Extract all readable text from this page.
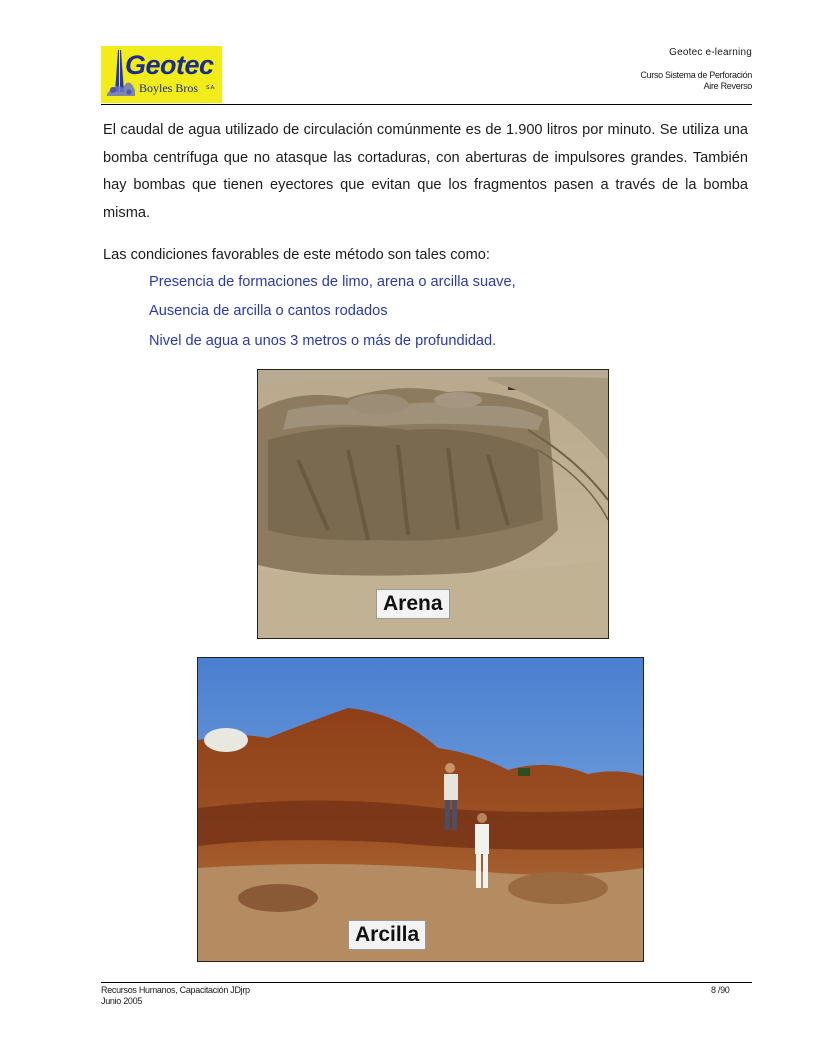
Geotec
Boyles Bros S.A.
Geotec e-learning
Curso Sistema de Perforación
Aire Reverso
El caudal de agua utilizado de circulación comúnmente es de 1.900 litros por minuto. Se utiliza una bomba centrífuga que no atasque las cortaduras, con aberturas de impulsores grandes. También hay bombas que tienen eyectores que evitan que los fragmentos pasen a través de la bomba misma.
Las condiciones favorables de este método son tales como:
Presencia de formaciones de limo, arena o arcilla suave,
Ausencia de arcilla o cantos rodados
Nivel de agua a unos 3 metros o más de profundidad.
Arena
Arcilla
Recursos Humanos, Capacitación JDjrp
Junio 2005
8 /90
